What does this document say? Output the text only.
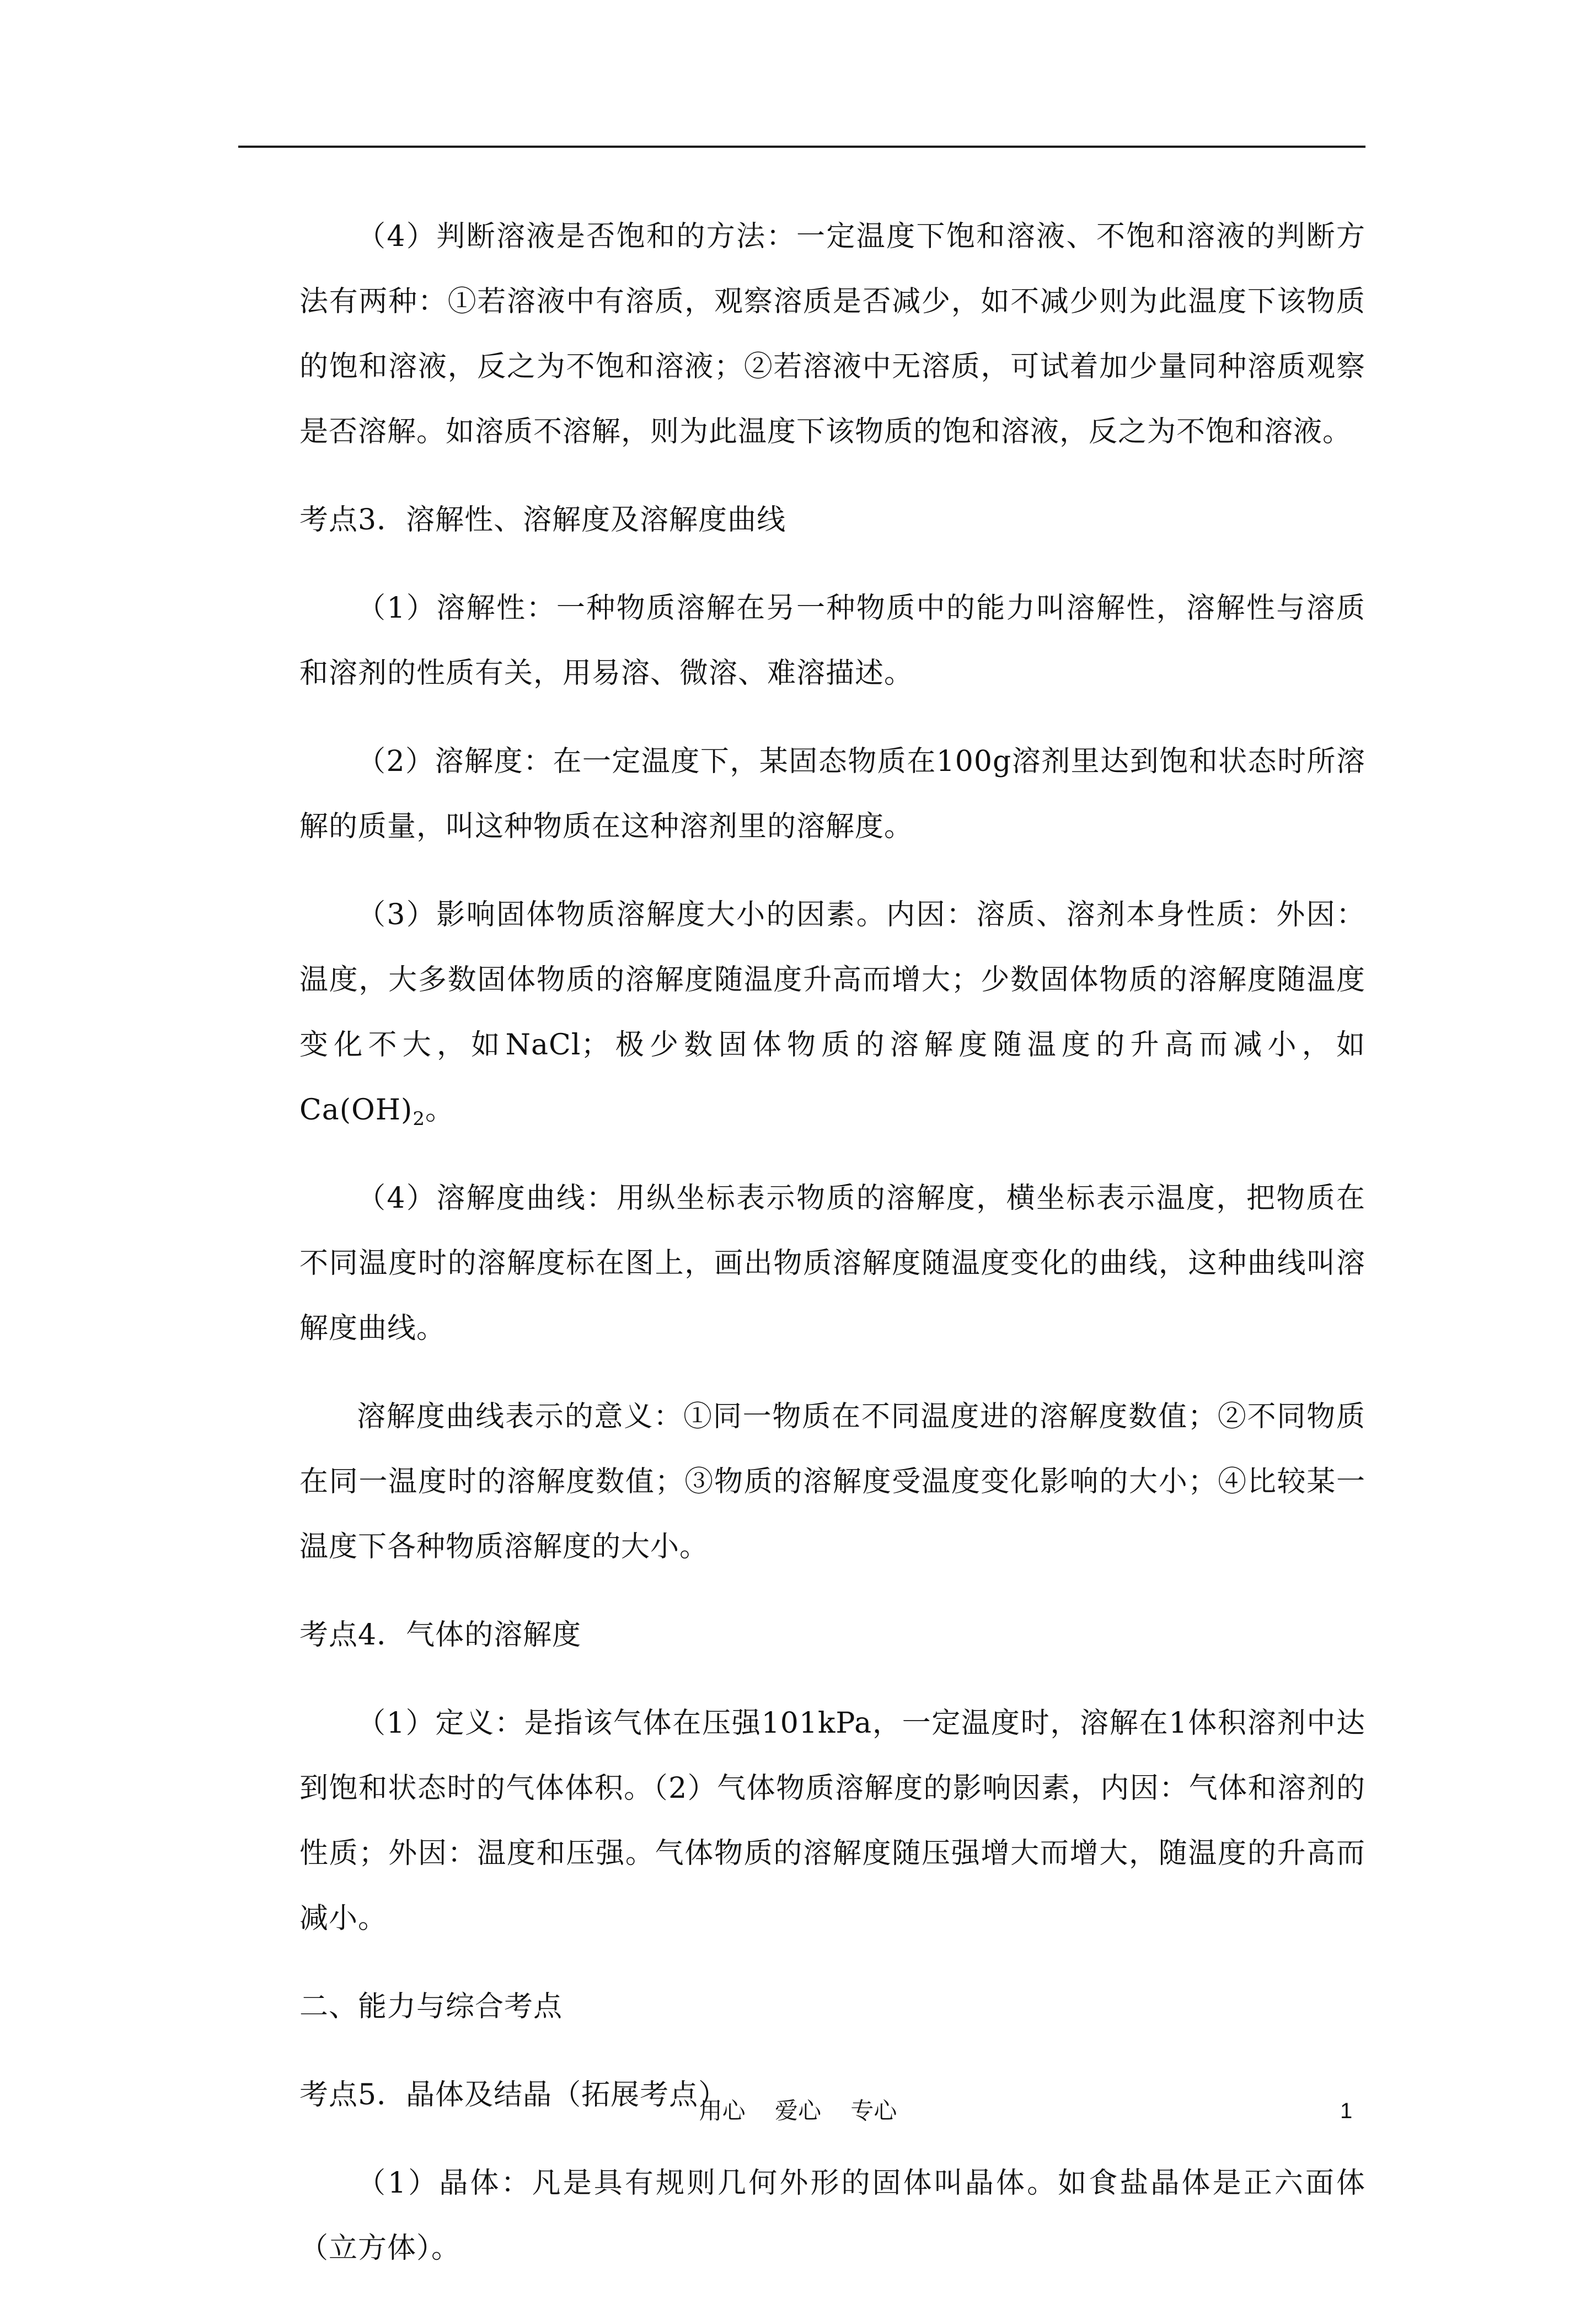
（4）判断溶液是否饱和的方法：一定温度下饱和溶液、不饱和溶液的判断方法有两种：①若溶液中有溶质，观察溶质是否减少，如不减少则为此温度下该物质的饱和溶液，反之为不饱和溶液；②若溶液中无溶质，可试着加少量同种溶质观察是否溶解。如溶质不溶解，则为此温度下该物质的饱和溶液，反之为不饱和溶液。

考点3．溶解性、溶解度及溶解度曲线

（1）溶解性：一种物质溶解在另一种物质中的能力叫溶解性，溶解性与溶质和溶剂的性质有关，用易溶、微溶、难溶描述。

（2）溶解度：在一定温度下，某固态物质在100g溶剂里达到饱和状态时所溶解的质量，叫这种物质在这种溶剂里的溶解度。

（3）影响固体物质溶解度大小的因素。内因：溶质、溶剂本身性质：外因：温度，大多数固体物质的溶解度随温度升高而增大；少数固体物质的溶解度随温度变化不大，如NaCl；极少数固体物质的溶解度随温度的升高而减小，如$Ca(OH)_2$。

（4）溶解度曲线：用纵坐标表示物质的溶解度，横坐标表示温度，把物质在不同温度时的溶解度标在图上，画出物质溶解度随温度变化的曲线，这种曲线叫溶解度曲线。

溶解度曲线表示的意义：①同一物质在不同温度进的溶解度数值；②不同物质在同一温度时的溶解度数值；③物质的溶解度受温度变化影响的大小；④比较某一温度下各种物质溶解度的大小。

考点4．气体的溶解度

（1）定义：是指该气体在压强101kPa，一定温度时，溶解在1体积溶剂中达到饱和状态时的气体体积。（2）气体物质溶解度的影响因素，内因：气体和溶剂的性质；外因：温度和压强。气体物质的溶解度随压强增大而增大，随温度的升高而减小。

二、能力与综合考点

考点5．晶体及结晶（拓展考点）

（1）晶体：凡是具有规则几何外形的固体叫晶体。如食盐晶体是正六面体（立方体）。

用心 爱心 专心	1
